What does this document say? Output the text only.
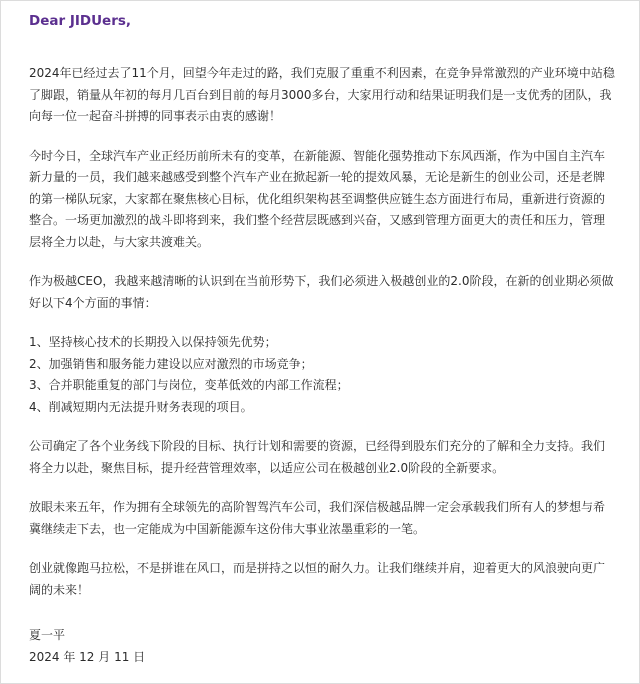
Dear JIDUers,

2024年已经过去了11个月，回望今年走过的路，我们克服了重重不利因素，在竞争异常激烈的产业环境中站稳了脚跟，销量从年初的每月几百台到目前的每月3000多台，大家用行动和结果证明我们是一支优秀的团队，我向每一位一起奋斗拼搏的同事表示由衷的感谢！

今时今日，全球汽车产业正经历前所未有的变革，在新能源、智能化强势推动下东风西渐，作为中国自主汽车新力量的一员，我们越来越感受到整个汽车产业在掀起新一轮的提效风暴，无论是新生的创业公司，还是老牌的第一梯队玩家，大家都在聚焦核心目标，优化组织架构甚至调整供应链生态方面进行布局，重新进行资源的整合。一场更加激烈的战斗即将到来，我们整个经营层既感到兴奋，又感到管理方面更大的责任和压力，管理层将全力以赴，与大家共渡难关。

作为极越CEO，我越来越清晰的认识到在当前形势下，我们必须进入极越创业的2.0阶段，在新的创业期必须做好以下4个方面的事情：

1、坚持核心技术的长期投入以保持领先优势；
2、加强销售和服务能力建设以应对激烈的市场竞争；
3、合并职能重复的部门与岗位，变革低效的内部工作流程；
4、削减短期内无法提升财务表现的项目。

公司确定了各个业务线下阶段的目标、执行计划和需要的资源，已经得到股东们充分的了解和全力支持。我们将全力以赴，聚焦目标，提升经营管理效率，以适应公司在极越创业2.0阶段的全新要求。

放眼未来五年，作为拥有全球领先的高阶智驾汽车公司，我们深信极越品牌一定会承载我们所有人的梦想与希冀继续走下去，也一定能成为中国新能源车这份伟大事业浓墨重彩的一笔。

创业就像跑马拉松，不是拼谁在风口，而是拼持之以恒的耐久力。让我们继续并肩，迎着更大的风浪驶向更广阔的未来！

夏一平
2024 年 12 月 11 日
